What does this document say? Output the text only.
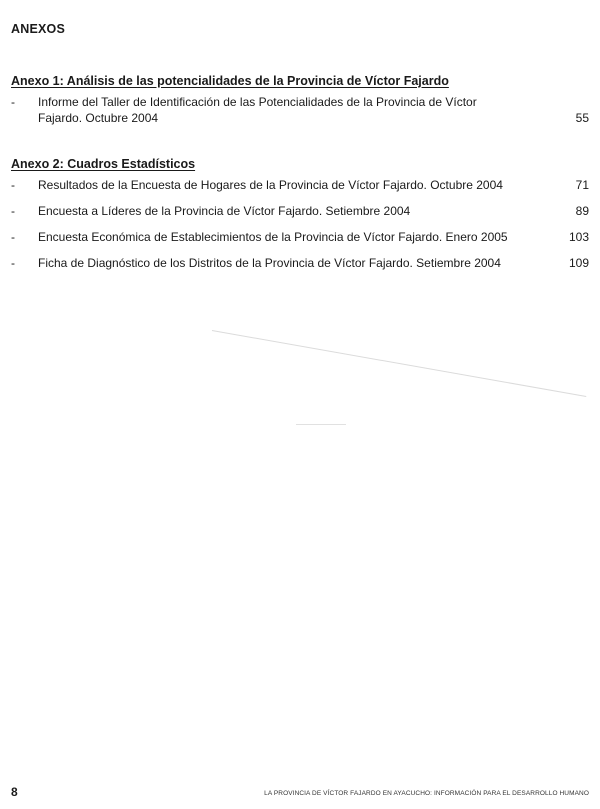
ANEXOS
Anexo 1: Análisis de las potencialidades de la Provincia de Víctor Fajardo
-	Informe del Taller de Identificación de las Potencialidades de la Provincia de Víctor Fajardo. Octubre 2004	55
Anexo 2: Cuadros Estadísticos
-	Resultados de la Encuesta de Hogares de la Provincia de Víctor Fajardo. Octubre 2004	71
-	Encuesta a Líderes de la Provincia de Víctor Fajardo. Setiembre 2004	89
-	Encuesta Económica de Establecimientos de la Provincia de Víctor Fajardo. Enero 2005	103
-	Ficha de Diagnóstico de los Distritos de la Provincia de Víctor Fajardo. Setiembre 2004	109
8	LA PROVINCIA DE VÍCTOR FAJARDO EN AYACUCHO: INFORMACIÓN PARA EL DESARROLLO HUMANO
